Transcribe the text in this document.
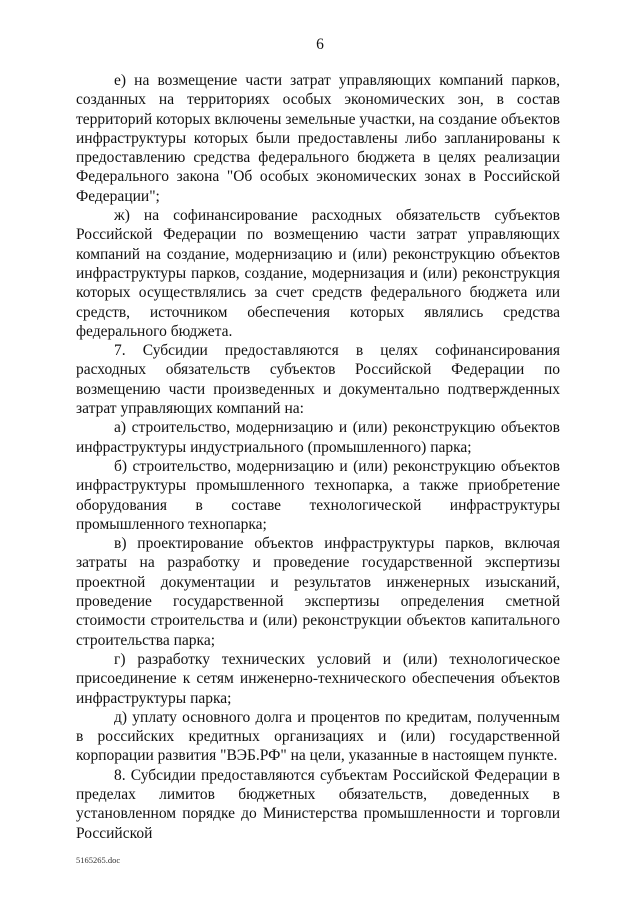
6

е) на возмещение части затрат управляющих компаний парков, созданных на территориях особых экономических зон, в состав территорий которых включены земельные участки, на создание объектов инфраструктуры которых были предоставлены либо запланированы к предоставлению средства федерального бюджета в целях реализации Федерального закона "Об особых экономических зонах в Российской Федерации";

ж) на софинансирование расходных обязательств субъектов Российской Федерации по возмещению части затрат управляющих компаний на создание, модернизацию и (или) реконструкцию объектов инфраструктуры парков, создание, модернизация и (или) реконструкция которых осуществлялись за счет средств федерального бюджета или средств, источником обеспечения которых являлись средства федерального бюджета.

7. Субсидии предоставляются в целях софинансирования расходных обязательств субъектов Российской Федерации по возмещению части произведенных и документально подтвержденных затрат управляющих компаний на:

а) строительство, модернизацию и (или) реконструкцию объектов инфраструктуры индустриального (промышленного) парка;

б) строительство, модернизацию и (или) реконструкцию объектов инфраструктуры промышленного технопарка, а также приобретение оборудования в составе технологической инфраструктуры промышленного технопарка;

в) проектирование объектов инфраструктуры парков, включая затраты на разработку и проведение государственной экспертизы проектной документации и результатов инженерных изысканий, проведение государственной экспертизы определения сметной стоимости строительства и (или) реконструкции объектов капитального строительства парка;

г) разработку технических условий и (или) технологическое присоединение к сетям инженерно-технического обеспечения объектов инфраструктуры парка;

д) уплату основного долга и процентов по кредитам, полученным в российских кредитных организациях и (или) государственной корпорации развития "ВЭБ.РФ" на цели, указанные в настоящем пункте.

8. Субсидии предоставляются субъектам Российской Федерации в пределах лимитов бюджетных обязательств, доведенных в установленном порядке до Министерства промышленности и торговли Российской

5165265.doc
